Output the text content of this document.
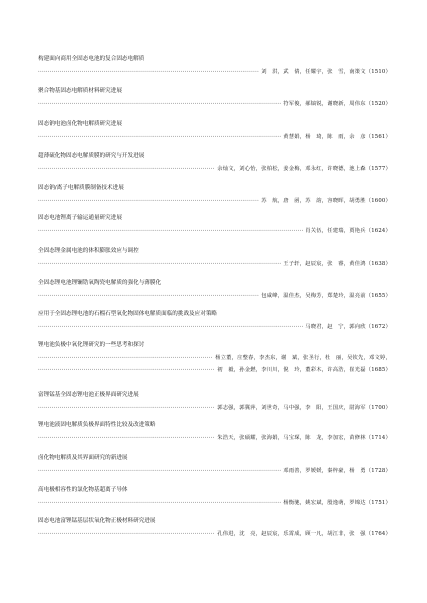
构建面向商用全固态电池的复合固态电解质
·····
刘　洪，武　倩，任耀宇，张　雪，南策文（1510）
聚合物基固态电解质材料研究进展
·····
符军俊，郝镐锐，谢晓新，周伟东（1520）
固态钠电池卤化物电解质研究进展
·····
黄慧娟，杨　琦，陈　雨，余　彦（1561）
超薄硫化物固态电解质膜的研究与开发进展
·····
余灿文，刘心怡，张柏松，姜金梅，邓永红，许晓德，池上森（1577）
固态钠/离子电解质膜制备技术进展
·····
苏　航，唐　函，苏　韵，容晓晖，胡勇胜（1600）
固态电池锂离子输运通量研究进展
·····
肖关伍，任建瑞，贾艳兵（1624）
全固态锂金属电池的体积膨胀效应与调控
·····
王子轩，赵辰宸，张　睿，黄佳鸿（1638）
全固态锂电池锂镧锆氧陶瓷电解质的强化与薄膜化
·····
包咸峰，温佳杰，吴梅芳，郑楚玲，温亮前（1655）
应用于全固态锂电池的石榴石型氧化物固体电解质面临的挑战及应对策略
·····
马晓君，赵　宁，郭向欣（1672）
锂电池负极中氧化锂研究的一些思考和探讨
·····
杨立董，庄整春，李杰东，谢　斌，张圣行，杜　丽，吴钦先，邓文婷，
·····
初　毅，孙金燃，李川川，倪　玲，董彩木，许高浩，崔光磊（1685）
富锂锰基全固态锂电池正极界面研究进展
·····
郭志强，郭冀萍，刘世奇，马中强，李　阳，王国庆，尉海军（1700）
锂电池液固电解质负极界面特性比较及改进策略
·····
朱浩天，张硕耀，张海娟，马宝琛，陈　龙，李加宏，苗修林（1714）
卤化物电解质及其界面研究的新进展
·····
邓雨善，罗媛媛，秦梓豪，杨　勇（1728）
高电极相容性的氯化物基超离子导体
·····
杨衡驰，姚宏斌，殷逸萌，罗锦达（1751）
固态电池富锂锰基层状氧化物正极材料研究进展
·····
孔伟进，沈　亮，赵辰宸，乐霄成，顾一凡，胡江非，张　强（1764）
